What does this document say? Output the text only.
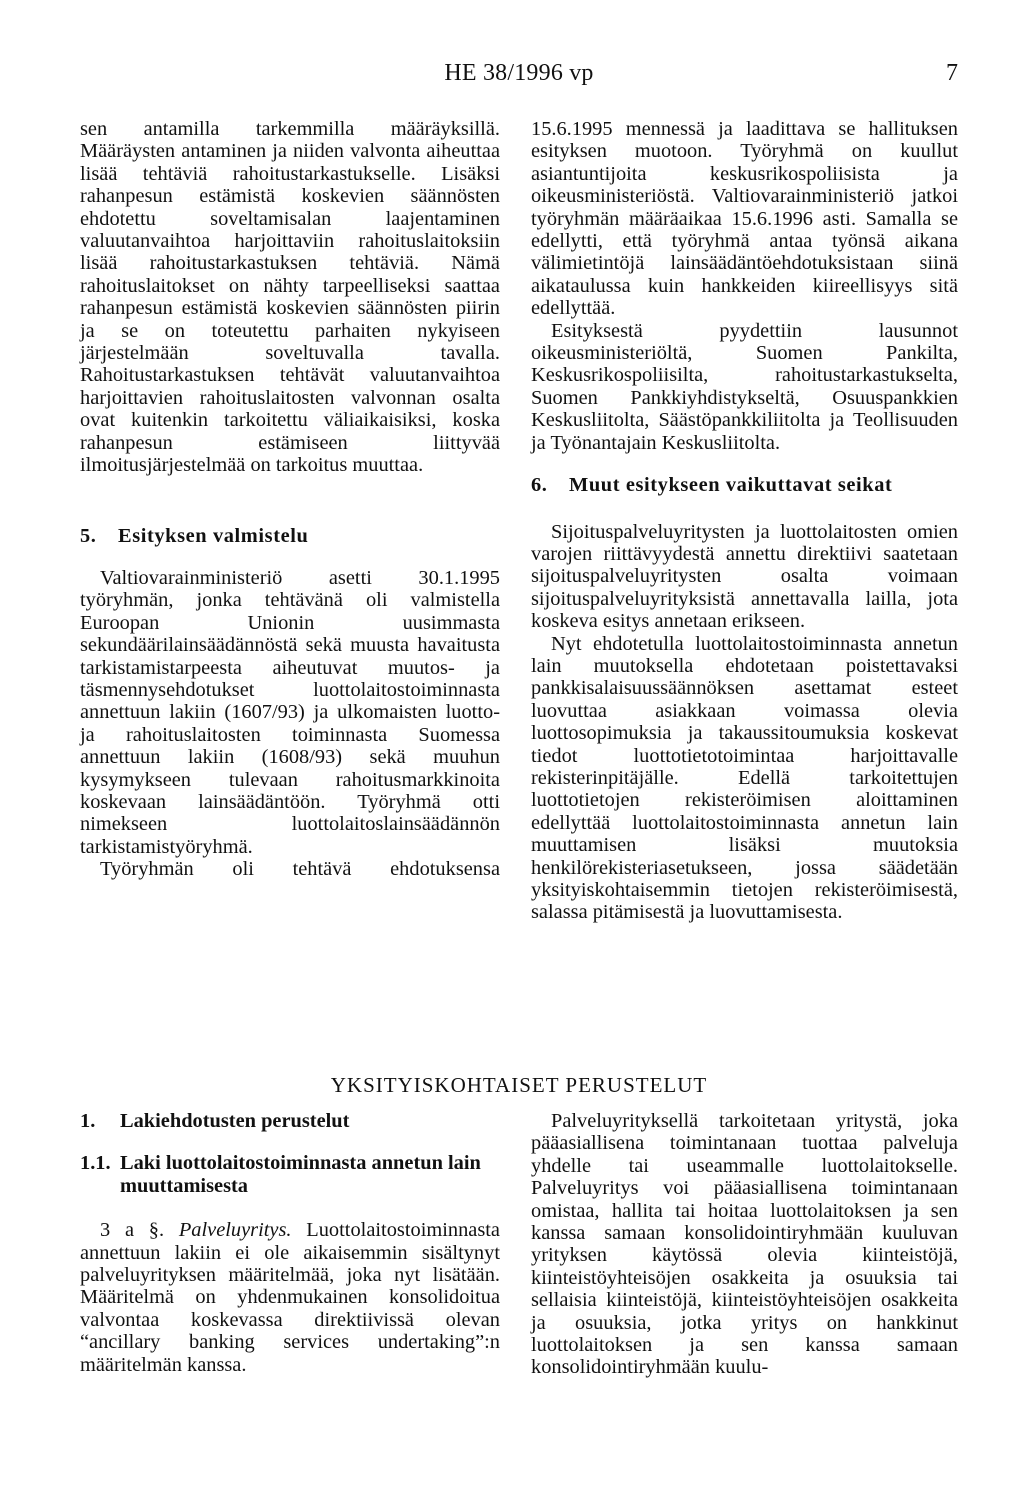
HE 38/1996 vp	7

sen antamilla tarkemmilla määräyksillä. Määräysten antaminen ja niiden valvonta aiheuttaa lisää tehtäviä rahoitustarkastukselle. Lisäksi rahanpesun estämistä koskevien säännösten ehdotettu soveltamisalan laajentaminen valuutanvaihtoa harjoittaviin rahoituslaitoksiin lisää rahoitustarkastuksen tehtäviä. Nämä rahoituslaitokset on nähty tarpeelliseksi saattaa rahanpesun estämistä koskevien säännösten piirin ja se on toteutettu parhaiten nykyiseen järjestelmään soveltuvalla tavalla. Rahoitustarkastuksen tehtävät valuutanvaihtoa harjoittavien rahoituslaitosten valvonnan osalta ovat kuitenkin tarkoitettu väliaikaisiksi, koska rahanpesun estämiseen liittyvää ilmoitusjärjestelmää on tarkoitus muuttaa.

5. Esityksen valmistelu

Valtiovarainministeriö asetti 30.1.1995 työryhmän, jonka tehtävänä oli valmistella Euroopan Unionin uusimmasta sekundäärilainsäädännöstä sekä muusta havaitusta tarkistamistarpeesta aiheutuvat muutos- ja täsmennysehdotukset luottolaitostoiminnasta annettuun lakiin (1607/93) ja ulkomaisten luotto- ja rahoituslaitosten toiminnasta Suomessa annettuun lakiin (1608/93) sekä muuhun kysymykseen tulevaan rahoitusmarkkinoita koskevaan lainsäädäntöön. Työryhmä otti nimekseen luottolaitoslainsäädännön tarkistamistyöryhmä.

Työryhmän oli tehtävä ehdotuksensa

15.6.1995 mennessä ja laadittava se hallituksen esityksen muotoon. Työryhmä on kuullut asiantuntijoita keskusrikospoliisista ja oikeusministeriöstä. Valtiovarainministeriö jatkoi työryhmän määräaikaa 15.6.1996 asti. Samalla se edellytti, että työryhmä antaa työnsä aikana välimietintöjä lainsäädäntöehdotuksistaan siinä aikataulussa kuin hankkeiden kiireellisyys sitä edellyttää.

Esityksestä pyydettiin lausunnot oikeusministeriöltä, Suomen Pankilta, Keskusrikospoliisilta, rahoitustarkastukselta, Suomen Pankkiyhdistykseltä, Osuuspankkien Keskusliitolta, Säästöpankkiliitolta ja Teollisuuden ja Työnantajain Keskusliitolta.

6. Muut esitykseen vaikuttavat seikat

Sijoituspalveluyritysten ja luottolaitosten omien varojen riittävyydestä annettu direktiivi saatetaan sijoituspalveluyritysten osalta voimaan sijoituspalveluyrityksistä annettavalla lailla, jota koskeva esitys annetaan erikseen.

Nyt ehdotetulla luottolaitostoiminnasta annetun lain muutoksella ehdotetaan poistettavaksi pankkisalaisuussäännöksen asettamat esteet luovuttaa asiakkaan voimassa olevia luottosopimuksia ja takaussitoumuksia koskevat tiedot luottotietotoimintaa harjoittavalle rekisterinpitäjälle. Edellä tarkoitettujen luottotietojen rekisteröimisen aloittaminen edellyttää luottolaitostoiminnasta annetun lain muuttamisen lisäksi muutoksia henkilörekisteriasetukseen, jossa säädetään yksityiskohtaisemmin tietojen rekisteröimisestä, salassa pitämisestä ja luovuttamisesta.

YKSITYISKOHTAISET PERUSTELUT
1.	Lakiehdotusten perustelut
1.1. Laki luottolaitostoiminnasta annetun lain muuttamisesta

3 a §. Palveluyritys. Luottolaitostoiminnasta annettuun lakiin ei ole aikaisemmin sisältynyt palveluyrityksen määritelmää, joka nyt lisätään. Määritelmä on yhdenmukainen konsolidoitua valvontaa koskevassa direktiivissä olevan “ancillary banking services undertaking”:n määritelmän kanssa.

Palveluyrityksellä tarkoitetaan yritystä, joka pääasiallisena toimintanaan tuottaa palveluja yhdelle tai useammalle luottolaitokselle. Palveluyritys voi pääasiallisena toimintanaan omistaa, hallita tai hoitaa luottolaitoksen ja sen kanssa samaan konsolidointiryhmään kuuluvan yrityksen käytössä olevia kiinteistöjä, kiinteistöyhteisöjen osakkeita ja osuuksia tai sellaisia kiinteistöjä, kiinteistöyhteisöjen osakkeita ja osuuksia, jotka yritys on hankkinut luottolaitoksen ja sen kanssa samaan konsolidointiryhmään kuulu-
